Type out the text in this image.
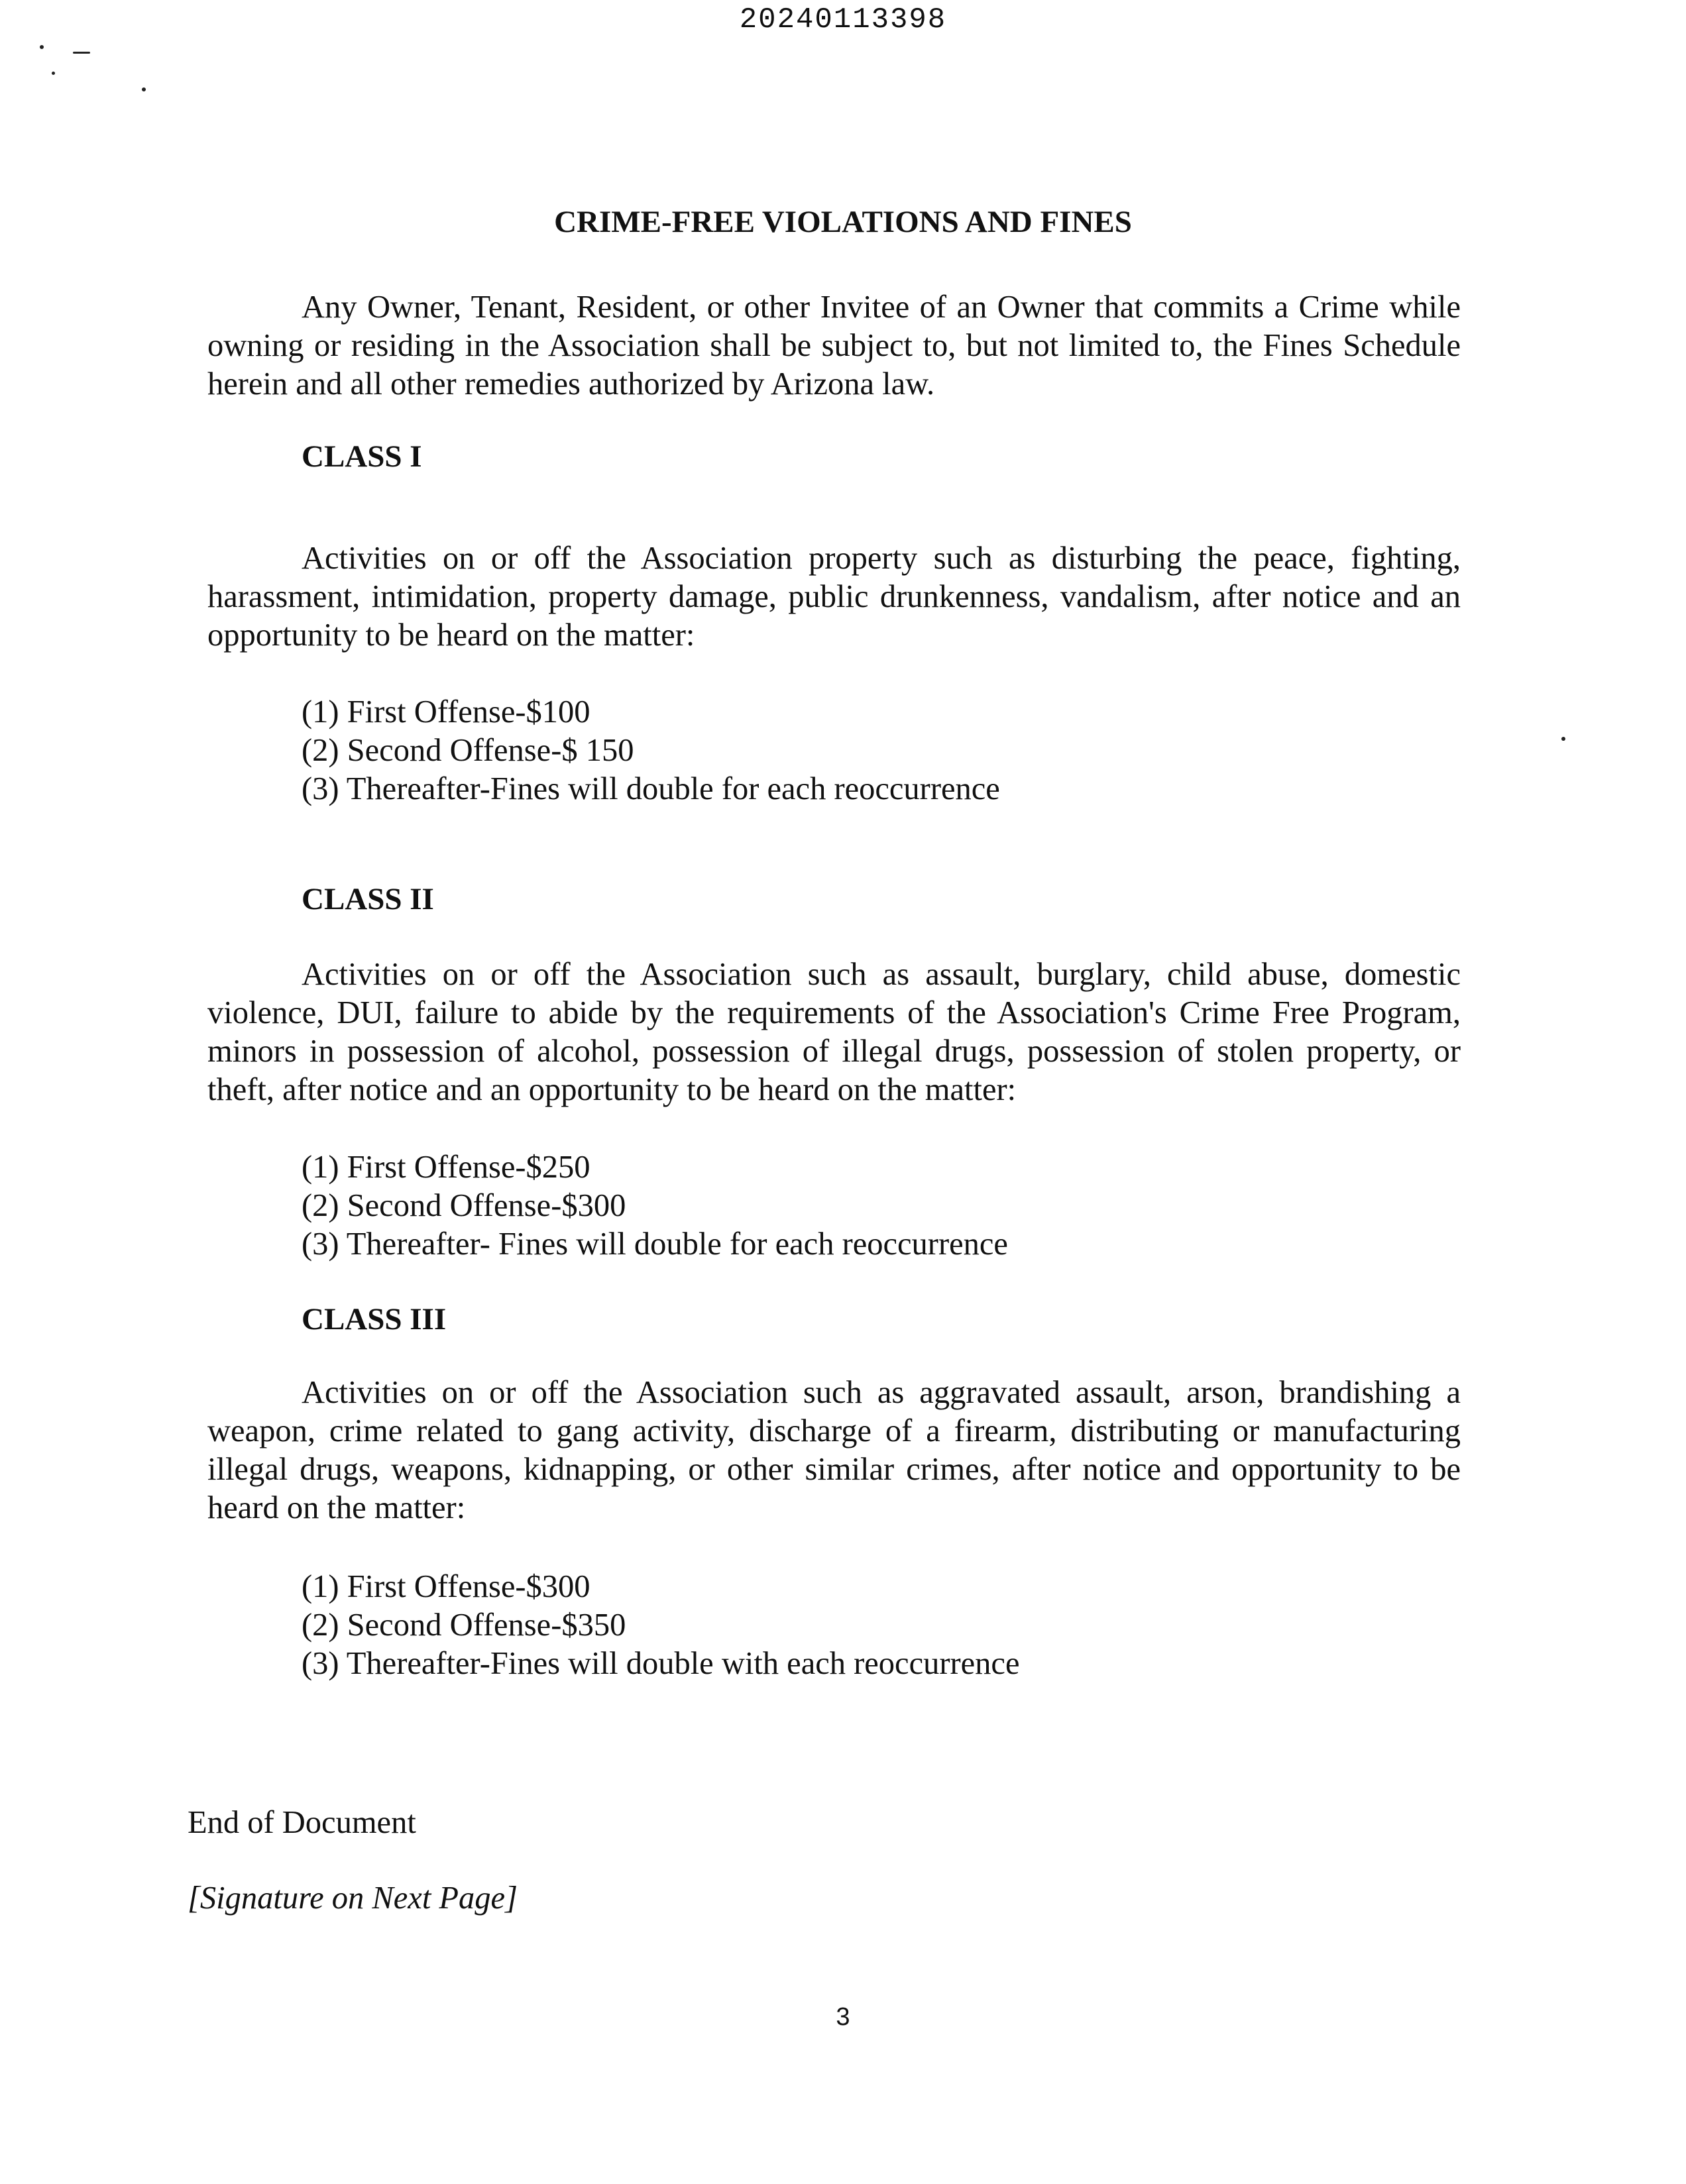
20240113398
CRIME-FREE VIOLATIONS AND FINES

Any Owner, Tenant, Resident, or other Invitee of an Owner that commits a Crime while owning or residing in the Association shall be subject to, but not limited to, the Fines Schedule herein and all other remedies authorized by Arizona law.

CLASS I

Activities on or off the Association property such as disturbing the peace, fighting, harassment, intimidation, property damage, public drunkenness, vandalism, after notice and an opportunity to be heard on the matter:

(1) First Offense-$100
(2) Second Offense-$ 150
(3) Thereafter-Fines will double for each reoccurrence
CLASS II

Activities on or off the Association such as assault, burglary, child abuse, domestic violence, DUI, failure to abide by the requirements of the Association's Crime Free Program, minors in possession of alcohol, possession of illegal drugs, possession of stolen property, or theft, after notice and an opportunity to be heard on the matter:

(1) First Offense-$250
(2) Second Offense-$300
(3) Thereafter- Fines will double for each reoccurrence
CLASS III

Activities on or off the Association such as aggravated assault, arson, brandishing a weapon, crime related to gang activity, discharge of a firearm, distributing or manufacturing illegal drugs, weapons, kidnapping, or other similar crimes, after notice and opportunity to be heard on the matter:

(1) First Offense-$300
(2) Second Offense-$350
(3) Thereafter-Fines will double with each reoccurrence
End of Document
[Signature on Next Page]
3
